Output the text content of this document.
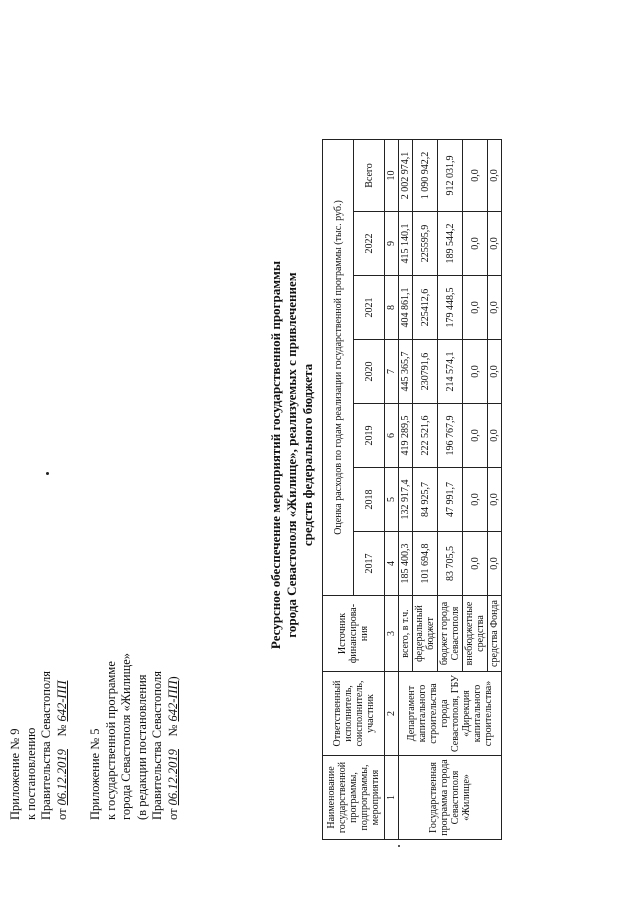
Приложение № 9 к постановлению Правительства Севастополя от 06.12.2019    № 642-ПП
Приложение № 5 к государственной программе города Севастополя «Жилище» (в редакции постановления Правительства Севастополя от 06.12.2019    № 642-ПП)
Ресурсное обеспечение мероприятий государственной программы города Севастополя «Жилище», реализуемых с привлечением средств федерального бюджета
Наименование государственной программы, подпрограммы, мероприятия	Ответственный исполнитель, соисполнитель, участник	Источник финансирова-ния	Оценка расходов по годам реализации государственной программы (тыс. руб.)						
			2017	2018	2019	2020	2021	2022	Всего
1	2	3	4	5	6	7	8	9	10
Государственная программа города Севастополя «Жилище»	Департамент капитального строительства города Севастополя, ГБУ «Дирекция капитального строительства»	всего, в т.ч.	185 400,3	132 917,4	419 289,5	445 365,7	404 861,1	415 140,1	2 002 974,1
		федеральный бюджет	101 694,8	84 925,7	222 521,6	230791,6	225412,6	225595,9	1 090 942,2
		бюджет города Севастополя	83 705,5	47 991,7	196 767,9	214 574,1	179 448,5	189 544,2	912 031,9
		внебюджетные средства	0,0	0,0	0,0	0,0	0,0	0,0	0,0
		средства Фонда	0,0	0,0	0,0	0,0	0,0	0,0	0,0
